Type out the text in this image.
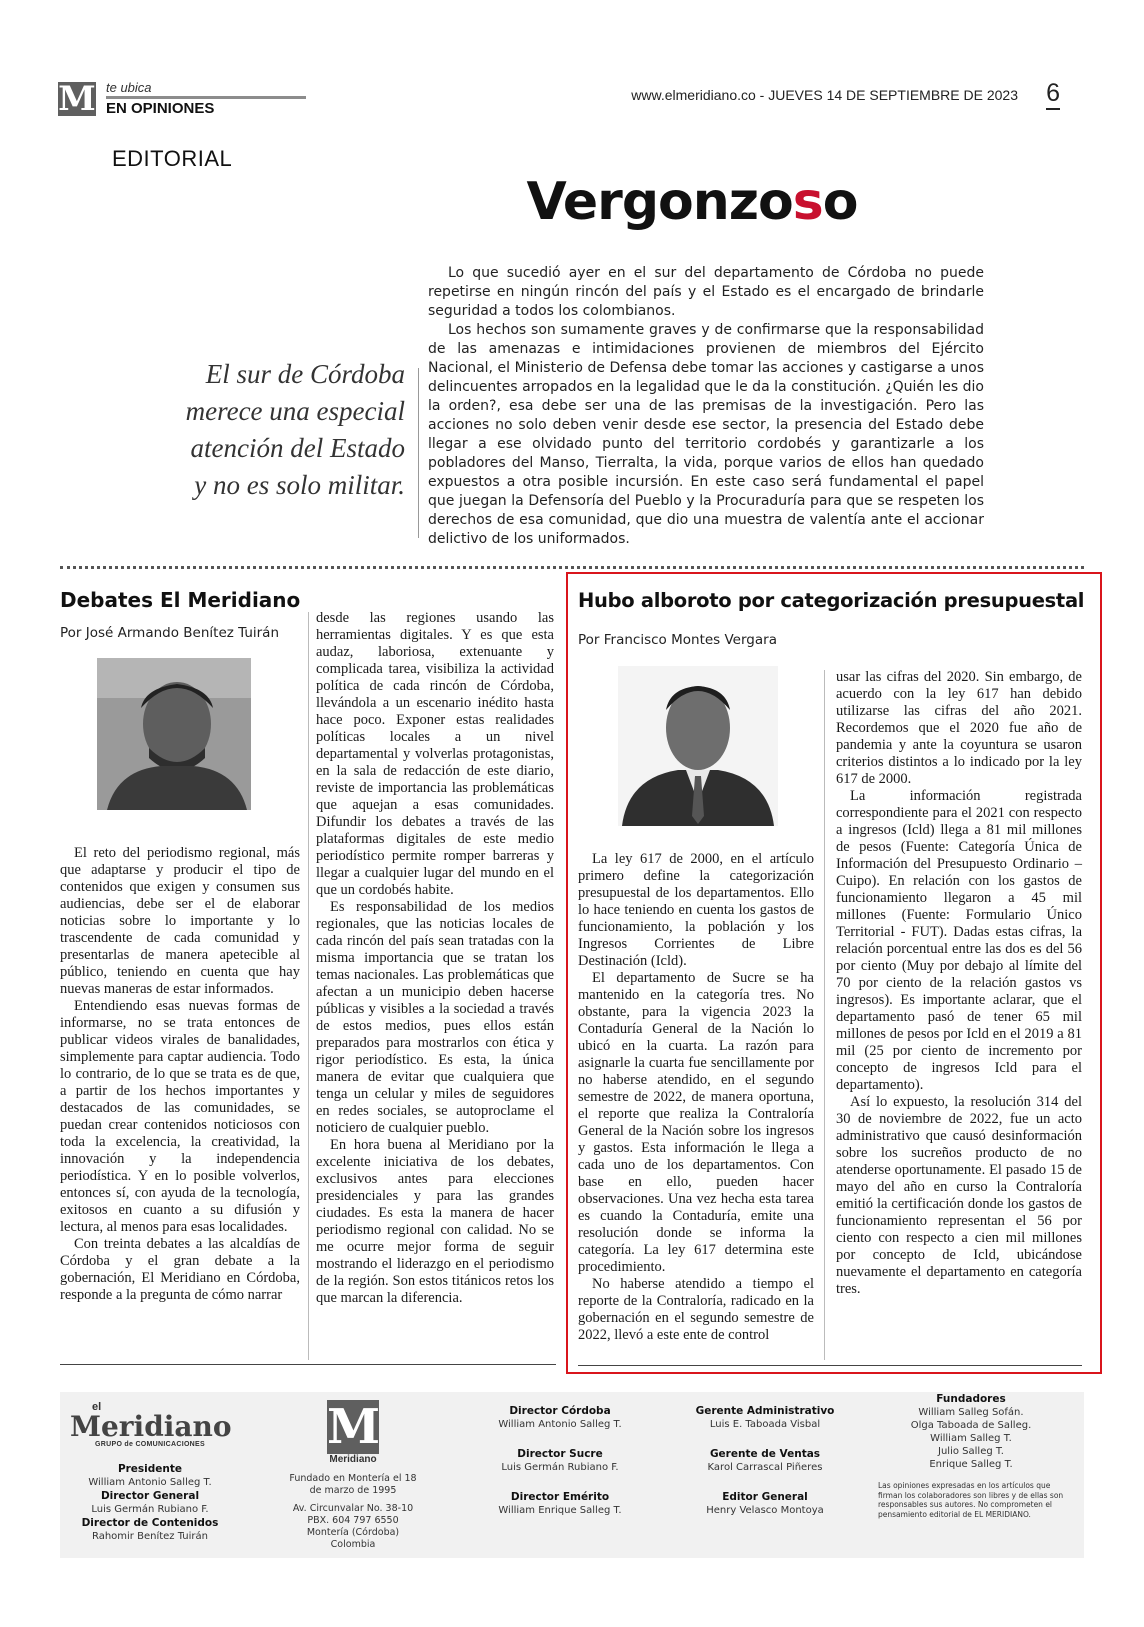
M te ubica
EN OPINIONES
www.elmeridiano.co - JUEVES 14 DE SEPTIEMBRE DE 2023 6
EDITORIAL
Vergonzoso
El sur de Córdoba merece una especial atención del Estado y no es solo militar.

Lo que sucedió ayer en el sur del departamento de Córdoba no puede repetirse en ningún rincón del país y el Estado es el encargado de brindarle seguridad a todos los colombianos.

Los hechos son sumamente graves y de confirmarse que la responsabilidad de las amenazas e intimidaciones provienen de miembros del Ejército Nacional, el Ministerio de Defensa debe tomar las acciones y castigarse a unos delincuentes arropados en la legalidad que le da la constitución. ¿Quién les dio la orden?, esa debe ser una de las premisas de la investigación. Pero las acciones no solo deben venir desde ese sector, la presencia del Estado debe llegar a ese olvidado punto del territorio cordobés y garantizarle a los pobladores del Manso, Tierralta, la vida, porque varios de ellos han quedado expuestos a otra posible incursión. En este caso será fundamental el papel que juegan la Defensoría del Pueblo y la Procuraduría para que se respeten los derechos de esa comunidad, que dio una muestra de valentía ante el accionar delictivo de los uniformados.

Debates El Meridiano
Por José Armando Benítez Tuirán

El reto del periodismo regional, más que adaptarse y producir el tipo de contenidos que exigen y consumen sus audiencias, debe ser el de elaborar noticias sobre lo importante y lo trascendente de cada comunidad y presentarlas de manera apetecible al público, teniendo en cuenta que hay nuevas maneras de estar informados.

Entendiendo esas nuevas formas de informarse, no se trata entonces de publicar videos virales de banalidades, simplemente para captar audiencia. Todo lo contrario, de lo que se trata es de que, a partir de los hechos importantes y destacados de las comunidades, se puedan crear contenidos noticiosos con toda la excelencia, la creatividad, la innovación y la independencia periodística. Y en lo posible volverlos, entonces sí, con ayuda de la tecnología, exitosos en cuanto a su difusión y lectura, al menos para esas localidades.

Con treinta debates a las alcaldías de Córdoba y el gran debate a la gobernación, El Meridiano en Córdoba, responde a la pregunta de cómo narrar

desde las regiones usando las herramientas digitales. Y es que esta audaz, laboriosa, extenuante y complicada tarea, visibiliza la actividad política de cada rincón de Córdoba, llevándola a un escenario inédito hasta hace poco. Exponer estas realidades políticas locales a un nivel departamental y volverlas protagonistas, en la sala de redacción de este diario, reviste de importancia las problemáticas que aquejan a esas comunidades. Difundir los debates a través de las plataformas digitales de este medio periodístico permite romper barreras y llegar a cualquier lugar del mundo en el que un cordobés habite.

Es responsabilidad de los medios regionales, que las noticias locales de cada rincón del país sean tratadas con la misma importancia que se tratan los temas nacionales. Las problemáticas que afectan a un municipio deben hacerse públicas y visibles a la sociedad a través de estos medios, pues ellos están preparados para mostrarlos con ética y rigor periodístico. Es esta, la única manera de evitar que cualquiera que tenga un celular y miles de seguidores en redes sociales, se autoproclame el noticiero de cualquier pueblo.

En hora buena al Meridiano por la excelente iniciativa de los debates, exclusivos antes para elecciones presidenciales y para las grandes ciudades. Es esta la manera de hacer periodismo regional con calidad. No se me ocurre mejor forma de seguir mostrando el liderazgo en el periodismo de la región. Son estos titánicos retos los que marcan la diferencia.

Hubo alboroto por categorización presupuestal
Por Francisco Montes Vergara

La ley 617 de 2000, en el artículo primero define la categorización presupuestal de los departamentos. Ello lo hace teniendo en cuenta los gastos de funcionamiento, la población y los Ingresos Corrientes de Libre Destinación (Icld).

El departamento de Sucre se ha mantenido en la categoría tres. No obstante, para la vigencia 2023 la Contaduría General de la Nación lo ubicó en la cuarta. La razón para asignarle la cuarta fue sencillamente por no haberse atendido, en el segundo semestre de 2022, de manera oportuna, el reporte que realiza la Contraloría General de la Nación sobre los ingresos y gastos. Esta información le llega a cada uno de los departamentos. Con base en ello, pueden hacer observaciones. Una vez hecha esta tarea es cuando la Contaduría, emite una resolución donde se informa la categoría. La ley 617 determina este procedimiento.

No haberse atendido a tiempo el reporte de la Contraloría, radicado en la gobernación en el segundo semestre de 2022, llevó a este ente de control

usar las cifras del 2020. Sin embargo, de acuerdo con la ley 617 han debido utilizarse las cifras del año 2021. Recordemos que el 2020 fue año de pandemia y ante la coyuntura se usaron criterios distintos a lo indicado por la ley 617 de 2000.

La información registrada correspondiente para el 2021 con respecto a ingresos (Icld) llega a 81 mil millones de pesos (Fuente: Categoría Única de Información del Presupuesto Ordinario – Cuipo). En relación con los gastos de funcionamiento llegaron a 45 mil millones (Fuente: Formulario Único Territorial - FUT). Dadas estas cifras, la relación porcentual entre las dos es del 56 por ciento (Muy por debajo al límite del 70 por ciento de la relación gastos vs ingresos). Es importante aclarar, que el departamento pasó de tener 65 mil millones de pesos por Icld en el 2019 a 81 mil (25 por ciento de incremento por concepto de ingresos Icld para el departamento).

Así lo expuesto, la resolución 314 del 30 de noviembre de 2022, fue un acto administrativo que causó desinformación sobre los sucreños producto de no atenderse oportunamente. El pasado 15 de mayo del año en curso la Contraloría emitió la certificación donde los gastos de funcionamiento representan el 56 por ciento con respecto a cien mil millones por concepto de Icld, ubicándose nuevamente el departamento en categoría tres.

el
Meridiano
GRUPO de COMUNICACIONES
Presidente
William Antonio Salleg T.
Director General
Luis Germán Rubiano F.
Director de Contenidos
Rahomir Benítez Tuirán
M
Meridiano
Fundado en Montería el 18 de marzo de 1995
Av. Circunvalar No. 38-10
PBX. 604 797 6550
Montería (Córdoba) Colombia
Director Córdoba
William Antonio Salleg T.
Director Sucre
Luis Germán Rubiano F.
Director Emérito
William Enrique Salleg T.
Gerente Administrativo
Luis E. Taboada Visbal
Gerente de Ventas
Karol Carrascal Piñeres
Editor General
Henry Velasco Montoya
Fundadores
William Salleg Sofán.
Olga Taboada de Salleg.
William Salleg T.
Julio Salleg T.
Enrique Salleg T.
Las opiniones expresadas en los artículos que firman los colaboradores son libres y de ellas son responsables sus autores. No comprometen el pensamiento editorial de EL MERIDIANO.
